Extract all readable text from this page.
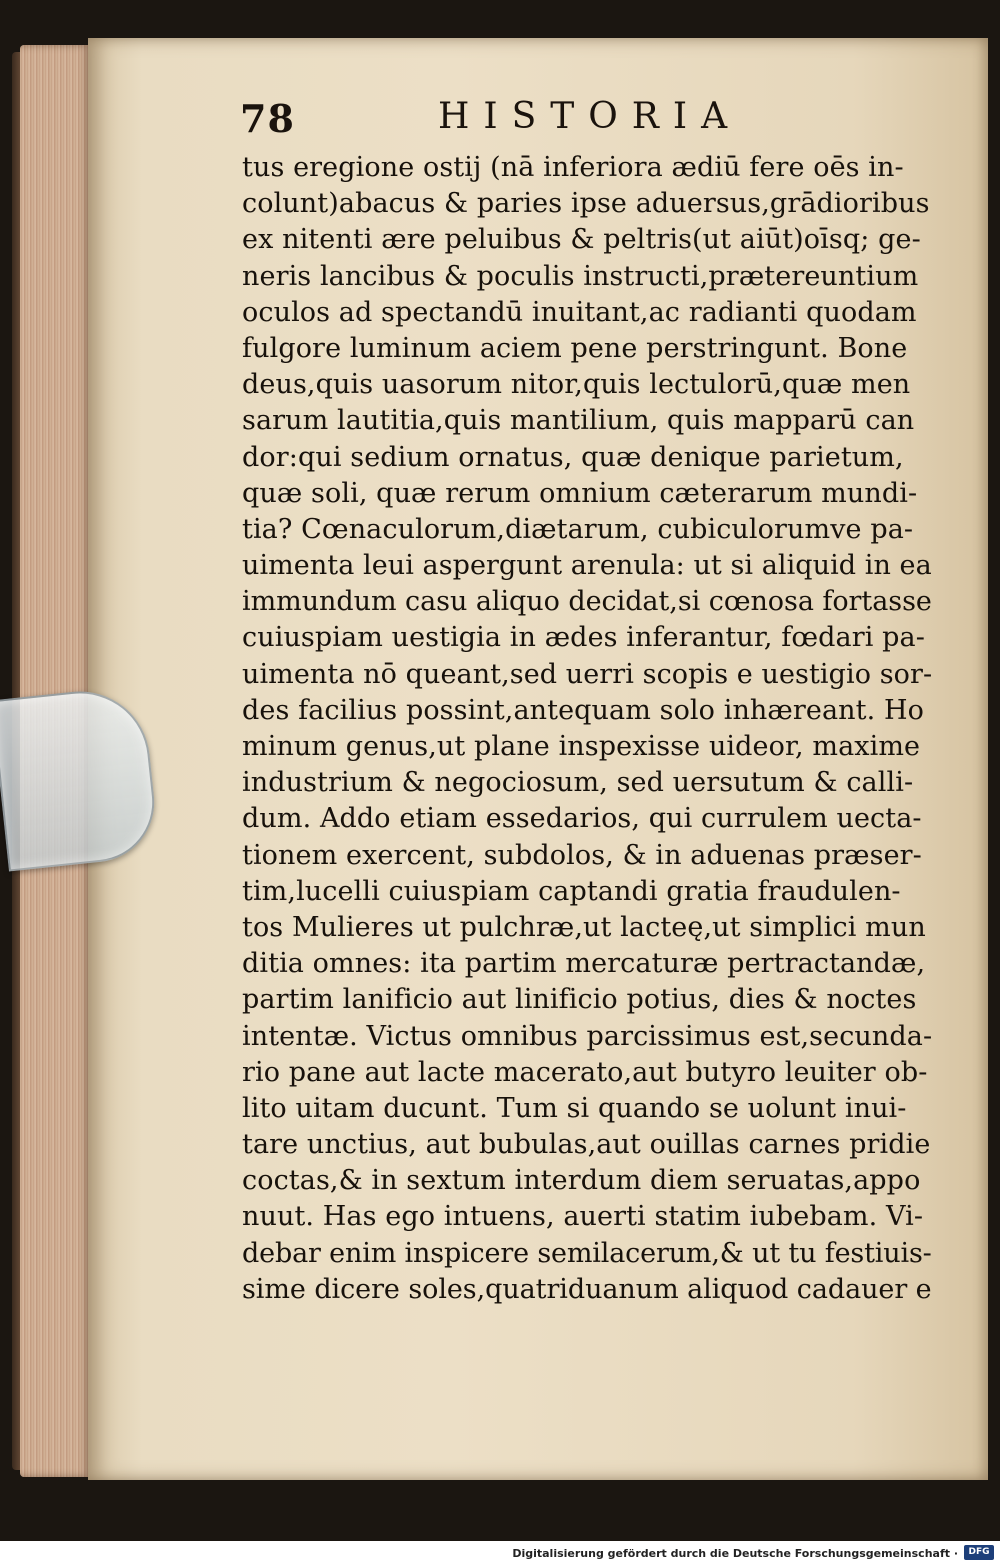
78	HISTORIA
tus eregione ostij (nā inferiora ædiū fere oēs in-
colunt)abacus & paries ipse aduersus,grādioribus
ex nitenti ære peluibus & peltris(ut aiūt)oīsq; ge-
neris lancibus & poculis instructi,prætereuntium
oculos ad spectandū inuitant,ac radianti quodam
fulgore luminum aciem pene perstringunt. Bone
deus,quis uasorum nitor,quis lectulorū,quæ men
sarum lautitia,quis mantilium, quis mapparū can
dor:qui sedium ornatus, quæ denique parietum,
quæ soli, quæ rerum omnium cæterarum mundi-
tia? Cœnaculorum,diætarum, cubiculorumve pa-
uimenta leui aspergunt arenula: ut si aliquid in ea
immundum casu aliquo decidat,si cœnosa fortasse
cuiuspiam uestigia in ædes inferantur, fœdari pa-
uimenta nō queant,sed uerri scopis e uestigio sor-
des facilius possint,antequam solo inhæreant. Ho
minum genus,ut plane inspexisse uideor, maxime
industrium & negociosum, sed uersutum & calli-
dum. Addo etiam essedarios, qui currulem uecta-
tionem exercent, subdolos, & in aduenas præser-
tim,lucelli cuiuspiam captandi gratia fraudulen-
tos Mulieres ut pulchræ,ut lacteę,ut simplici mun
ditia omnes: ita partim mercaturæ pertractandæ,
partim lanificio aut linificio potius, dies & noctes
intentæ. Victus omnibus parcissimus est,secunda-
rio pane aut lacte macerato,aut butyro leuiter ob-
lito uitam ducunt. Tum si quando se uolunt inui-
tare unctius, aut bubulas,aut ouillas carnes pridie
coctas,& in sextum interdum diem seruatas,appo
nuut. Has ego intuens, auerti statim iubebam. Vi-
debar enim inspicere semilacerum,& ut tu festiuis-
sime dicere soles,quatriduanum aliquod cadauer e
Digitalisierung gefördert durch die Deutsche Forschungsgemeinschaft ·	DFG
